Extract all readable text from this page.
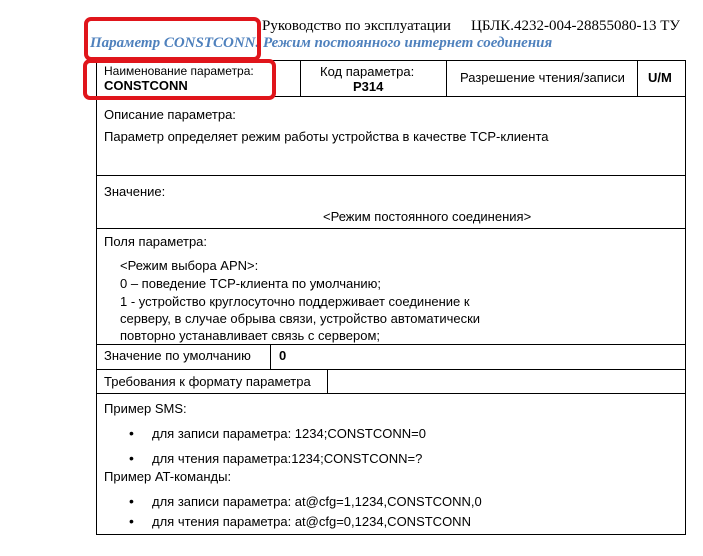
Руководство по эксплуатации ЦБЛК.4232-004-28855080-13 ТУ
Параметр CONSTCONN. Режим постоянного интернет соединения
Наименование параметра:
CONSTCONN
Код параметра:
P314
Разрешение чтения/записи U/M
Описание параметра:
Параметр определяет режим работы устройства в качестве TCP-клиента
Значение:
<Режим постоянного соединения>
Поля параметра:
<Режим выбора APN>:
0 – поведение TCP-клиента по умолчанию;
1 - устройство круглосуточно поддерживает соединение к
серверу, в случае обрыва связи, устройство автоматически
повторно устанавливает связь с сервером;
Значение по умолчанию 0
Требования к формату параметра
Пример SMS:
• для записи параметра: 1234;CONSTCONN=0
• для чтения параметра:1234;CONSTCONN=?
Пример AT-команды:
• для записи параметра: at@cfg=1,1234,CONSTCONN,0
• для чтения параметра: at@cfg=0,1234,CONSTCONN
